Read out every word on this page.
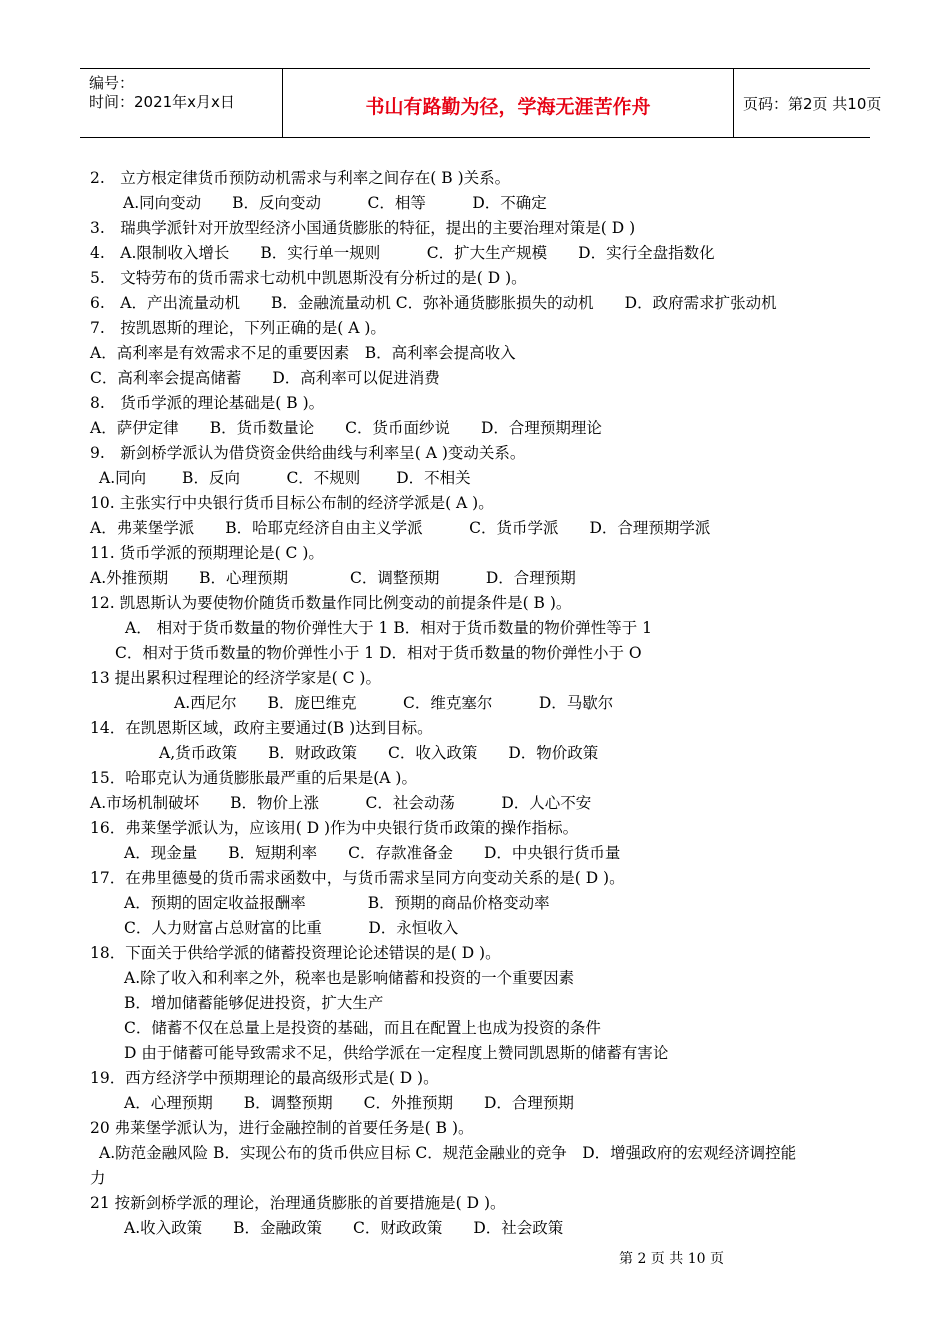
编号：
时间：2021年x月x日	书山有路勤为径，学海无涯苦作舟	页码：第2页 共10页
2.　立方根定律货币预防动机需求与利率之间存在( B )关系。
A.同向变动　　B．反向变动　　　C．相等　　　D．不确定
3.　瑞典学派针对开放型经济小国通货膨胀的特征，提出的主要治理对策是( D )
4.　A.限制收入增长　　B．实行单一规则　　　C．扩大生产规模　　D．实行全盘指数化
5.　文特劳布的货币需求七动机中凯恩斯没有分析过的是( D )。
6.　A．产出流量动机　　B．金融流量动机 C．弥补通货膨胀损失的动机　　D．政府需求扩张动机
7.　按凯恩斯的理论，下列正确的是( A )。
A．高利率是有效需求不足的重要因素　B．高利率会提高收入
C．高利率会提高储蓄　　D．高利率可以促进消费
8.　货币学派的理论基础是( B )。
A．萨伊定律　　B．货币数量论　　C．货币面纱说　　D．合理预期理论
9.　新剑桥学派认为借贷资金供给曲线与利率呈( A )变动关系。
A.同向　　 B．反向　　　C．不规则　　 D．不相关
10. 主张实行中央银行货币目标公布制的经济学派是( A )。
A．弗莱堡学派　　B．哈耶克经济自由主义学派　　　C．货币学派　　D．合理预期学派
11. 货币学派的预期理论是( C )。
A.外推预期　　B．心理预期　　　　C．调整预期　　　D．合理预期
12. 凯恩斯认为要使物价随货币数量作同比例变动的前提条件是( B )。
A． 相对于货币数量的物价弹性大于 1 B．相对于货币数量的物价弹性等于 1
C．相对于货币数量的物价弹性小于 1 D．相对于货币数量的物价弹性小于 O
13 提出累积过程理论的经济学家是( C )。
A.西尼尔　　B．庞巴维克　　　C．维克塞尔　　　D．马歇尔
14．在凯恩斯区域，政府主要通过(B )达到目标。
A,货币政策　　B．财政政策　　C．收入政策　　D．物价政策
15．哈耶克认为通货膨胀最严重的后果是(A )。
A.市场机制破坏　　B．物价上涨　　　C．社会动荡　　　D．人心不安
16．弗莱堡学派认为，应该用( D )作为中央银行货币政策的操作指标。
A．现金量　　B．短期利率　　C．存款准备金　　D．中央银行货币量
17．在弗里德曼的货币需求函数中，与货币需求呈同方向变动关系的是( D )。
A．预期的固定收益报酬率　　　　B．预期的商品价格变动率
C．人力财富占总财富的比重　　　D．永恒收入
18．下面关于供给学派的储蓄投资理论论述错误的是( D )。
A.除了收入和利率之外，税率也是影响储蓄和投资的一个重要因素
B．增加储蓄能够促进投资，扩大生产
C．储蓄不仅在总量上是投资的基础，而且在配置上也成为投资的条件
D 由于储蓄可能导致需求不足，供给学派在一定程度上赞同凯恩斯的储蓄有害论
19．西方经济学中预期理论的最高级形式是( D )。
A．心理预期　　B．调整预期　　C．外推预期　　D．合理预期
20 弗莱堡学派认为，进行金融控制的首要任务是( B )。
A.防范金融风险 B．实现公布的货币供应目标 C．规范金融业的竞争　D．增强政府的宏观经济调控能
力
21 按新剑桥学派的理论，治理通货膨胀的首要措施是( D )。
A.收入政策　　B．金融政策　　C．财政政策　　D．社会政策
第 2 页 共 10 页
